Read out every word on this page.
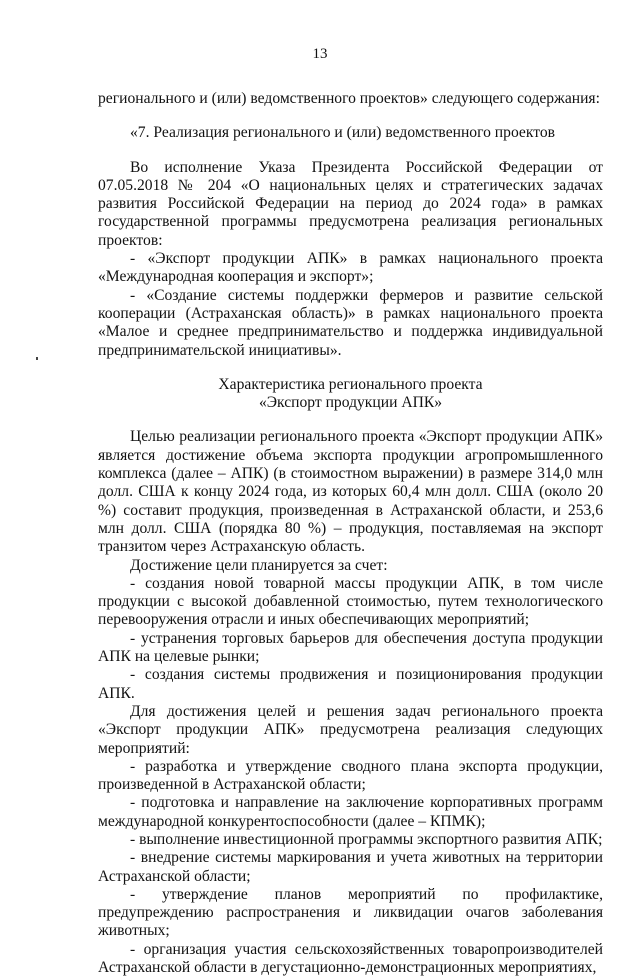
13

регионального и (или) ведомственного проектов» следующего содержания:

«7. Реализация регионального и (или) ведомственного проектов

Во исполнение Указа Президента Российской Федерации от 07.05.2018 № 204 «О национальных целях и стратегических задачах развития Российской Федерации на период до 2024 года» в рамках государственной программы предусмотрена реализация региональных проектов:

- «Экспорт продукции АПК» в рамках национального проекта «Международная кооперация и экспорт»;

- «Создание системы поддержки фермеров и развитие сельской кооперации (Астраханская область)» в рамках национального проекта «Малое и среднее предпринимательство и поддержка индивидуальной предпринимательской инициативы».

Характеристика регионального проекта

«Экспорт продукции АПК»

Целью реализации регионального проекта «Экспорт продукции АПК» является достижение объема экспорта продукции агропромышленного комплекса (далее – АПК) (в стоимостном выражении) в размере 314,0 млн долл. США к концу 2024 года, из которых 60,4 млн долл. США (около 20 %) составит продукция, произведенная в Астраханской области, и 253,6 млн долл. США (порядка 80 %) – продукция, поставляемая на экспорт транзитом через Астраханскую область.

Достижение цели планируется за счет:

- создания новой товарной массы продукции АПК, в том числе продукции с высокой добавленной стоимостью, путем технологического перевооружения отрасли и иных обеспечивающих мероприятий;

- устранения торговых барьеров для обеспечения доступа продукции АПК на целевые рынки;

- создания системы продвижения и позиционирования продукции АПК.

Для достижения целей и решения задач регионального проекта «Экспорт продукции АПК» предусмотрена реализация следующих мероприятий:

- разработка и утверждение сводного плана экспорта продукции, произведенной в Астраханской области;

- подготовка и направление на заключение корпоративных программ международной конкурентоспособности (далее – КПМК);

- выполнение инвестиционной программы экспортного развития АПК;

- внедрение системы маркирования и учета животных на территории Астраханской области;

- утверждение планов мероприятий по профилактике, предупреждению распространения и ликвидации очагов заболевания животных;

- организация участия сельскохозяйственных товаропроизводителей Астраханской области в дегустационно-демонстрационных мероприятиях,
